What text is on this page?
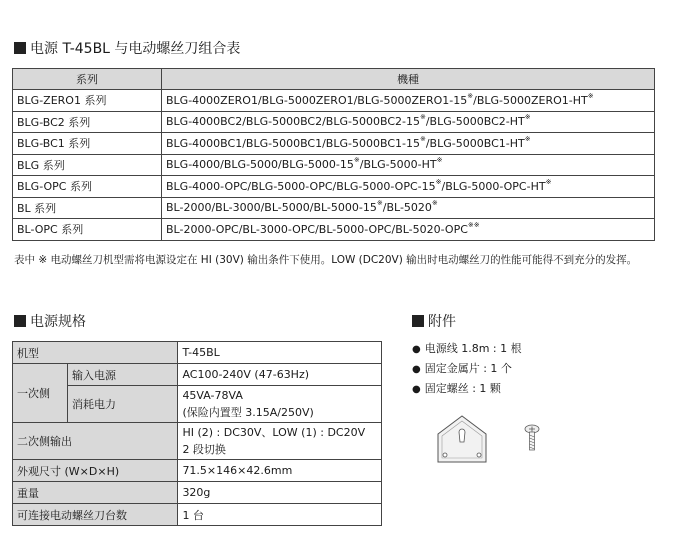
电源 T-45BL 与电动螺丝刀组合表
系列	機種
BLG-ZERO1 系列	BLG-4000ZERO1/BLG-5000ZERO1/BLG-5000ZERO1-15※/BLG-5000ZERO1-HT※
BLG-BC2 系列	BLG-4000BC2/BLG-5000BC2/BLG-5000BC2-15※/BLG-5000BC2-HT※
BLG-BC1 系列	BLG-4000BC1/BLG-5000BC1/BLG-5000BC1-15※/BLG-5000BC1-HT※
BLG 系列	BLG-4000/BLG-5000/BLG-5000-15※/BLG-5000-HT※
BLG-OPC 系列	BLG-4000-OPC/BLG-5000-OPC/BLG-5000-OPC-15※/BLG-5000-OPC-HT※
BL 系列	BL-2000/BL-3000/BL-5000/BL-5000-15※/BL-5020※
BL-OPC 系列	BL-2000-OPC/BL-3000-OPC/BL-5000-OPC/BL-5020-OPC※※
表中 ※ 电动螺丝刀机型需将电源设定在 HI (30V) 输出条件下使用。LOW (DC20V) 输出时电动螺丝刀的性能可能得不到充分的发挥。
电源规格
机型		T-45BL
一次侧	输入电源	AC100-240V (47-63Hz)
	消耗电力	45VA-78VA
(保险内置型 3.15A/250V)

二次侧输出		HI (2) : DC30V、LOW (1) : DC20V
2 段切换

外观尺寸 (W×D×H)		71.5×146×42.6mm
重量		320g
可连接电动螺丝刀台数		1 台
附件
● 电源线 1.8m : 1 根
● 固定金属片 : 1 个
● 固定螺丝 : 1 颗
